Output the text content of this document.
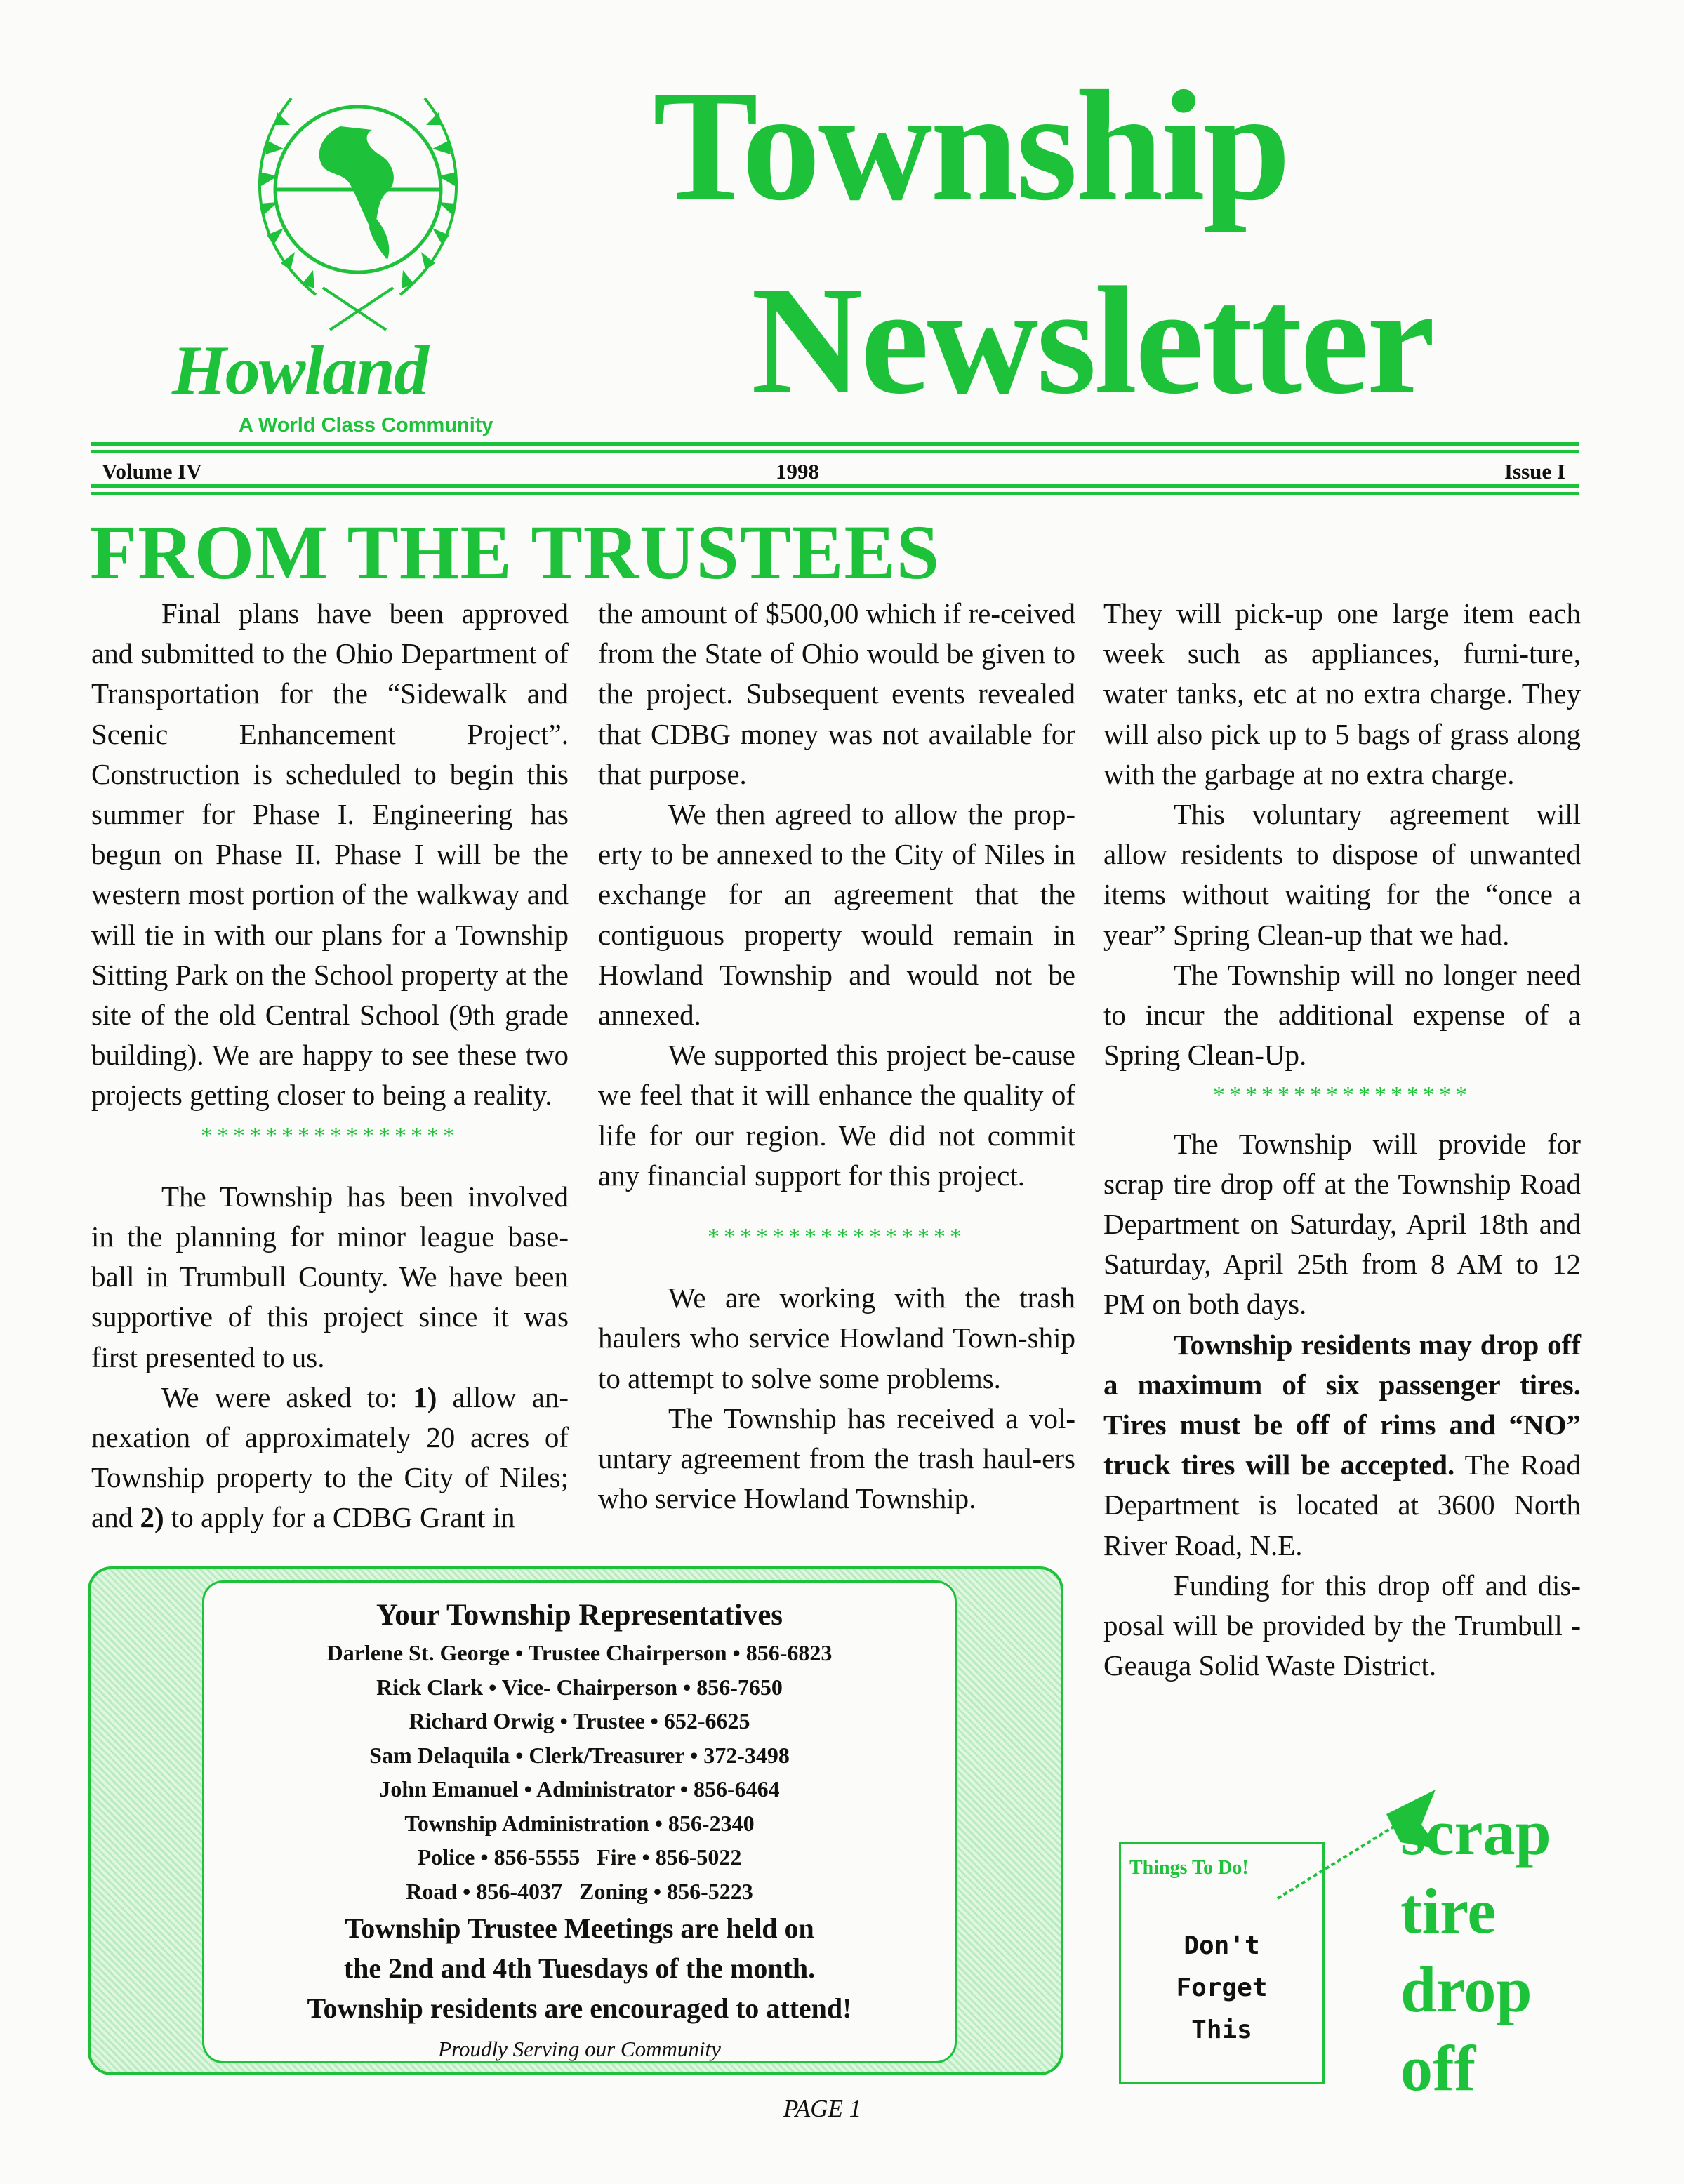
Howland
A World Class Community
Township
Newsletter
Volume IV	1998	Issue I
FROM THE TRUSTEES

Final plans have been approved and submitted to the Ohio Department of Transportation for the “Sidewalk and Scenic Enhancement Project”. Construction is scheduled to begin this summer for Phase I. Engineering has begun on Phase II. Phase I will be the western most portion of the walkway and will tie in with our plans for a Township Sitting Park on the School property at the site of the old Central School (9th grade building). We are happy to see these two projects getting closer to being a reality.

****************

The Township has been involved in the planning for minor league base-ball in Trumbull County. We have been supportive of this project since it was first presented to us.

We were asked to: 1) allow an-nexation of approximately 20 acres of Township property to the City of Niles; and 2) to apply for a CDBG Grant in

the amount of $500,00 which if re-ceived from the State of Ohio would be given to the project. Subsequent events revealed that CDBG money was not available for that purpose.

We then agreed to allow the prop-erty to be annexed to the City of Niles in exchange for an agreement that the contiguous property would remain in Howland Township and would not be annexed.

We supported this project be-cause we feel that it will enhance the quality of life for our region. We did not commit any financial support for this project.

****************

We are working with the trash haulers who service Howland Town-ship to attempt to solve some problems.

The Township has received a vol-untary agreement from the trash haul-ers who service Howland Township.

They will pick-up one large item each week such as appliances, furni-ture, water tanks, etc at no extra charge. They will also pick up to 5 bags of grass along with the garbage at no extra charge.

This voluntary agreement will allow residents to dispose of unwanted items without waiting for the “once a year” Spring Clean-up that we had.

The Township will no longer need to incur the additional expense of a Spring Clean-Up.

****************

The Township will provide for scrap tire drop off at the Township Road Department on Saturday, April 18th and Saturday, April 25th from 8 AM to 12 PM on both days.

Township residents may drop off a maximum of six passenger tires. Tires must be off of rims and “NO” truck tires will be accepted. The Road Department is located at 3600 North River Road, N.E.

Funding for this drop off and dis-posal will be provided by the Trumbull -Geauga Solid Waste District.

Your Township Representatives
Darlene St. George • Trustee Chairperson • 856-6823
Rick Clark • Vice- Chairperson • 856-7650
Richard Orwig • Trustee • 652-6625
Sam Delaquila • Clerk/Treasurer • 372-3498
John Emanuel • Administrator • 856-6464
Township Administration • 856-2340
Police • 856-5555   Fire • 856-5022
Road • 856-4037   Zoning • 856-5223
Township Trustee Meetings are held on
the 2nd and 4th Tuesdays of the month.
Township residents are encouraged to attend!
Proudly Serving our Community
Things To Do!
Don't
Forget
This
scrap
tire
drop
off
PAGE 1
